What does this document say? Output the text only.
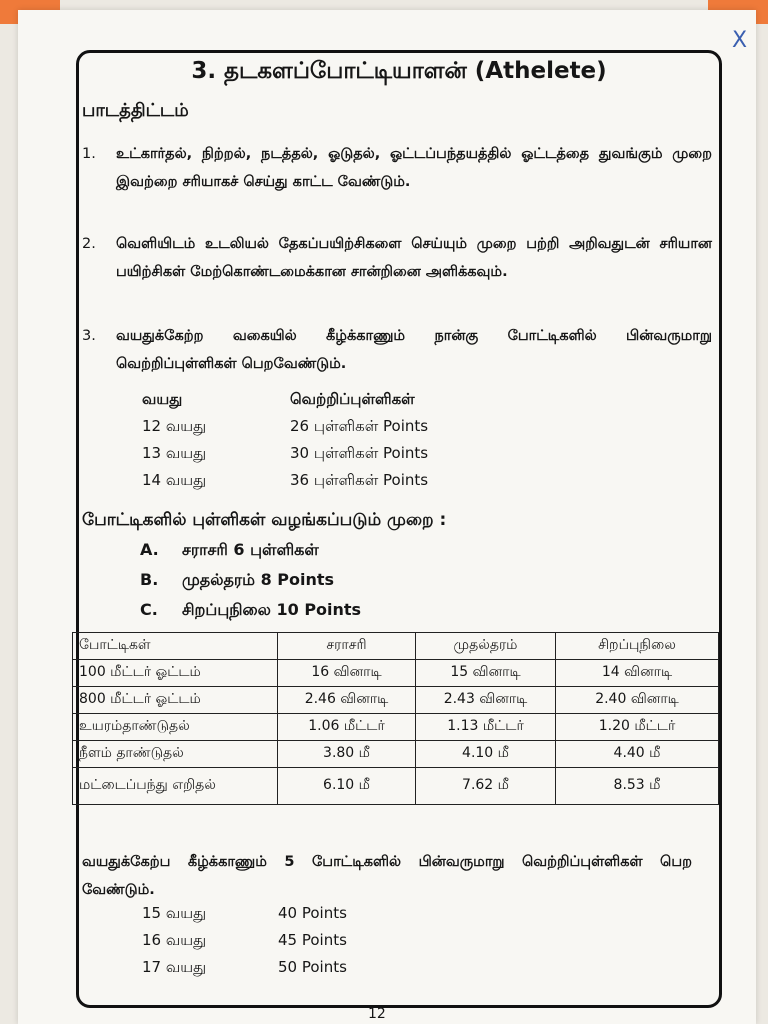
X
3. தடகளப்போட்டியாளன் (Athelete)
பாடத்திட்டம்
1.	உட்கார்தல், நிற்றல், நடத்தல், ஓடுதல், ஓட்டப்பந்தயத்தில் ஓட்டத்தை துவங்கும் முறை இவற்றை சரியாகச் செய்து காட்ட வேண்டும்.
2.	வெளியிடம் உடலியல் தேகப்பயிற்சிகளை செய்யும் முறை பற்றி அறிவதுடன் சரியான பயிற்சிகள் மேற்கொண்டமைக்கான சான்றினை அளிக்கவும்.
3.	வயதுக்கேற்ற வகையில் கீழ்க்காணும் நான்கு போட்டிகளில் பின்வருமாறு வெற்றிப்புள்ளிகள் பெறவேண்டும்.
வயது	வெற்றிப்புள்ளிகள்
12 வயது	26 புள்ளிகள் Points
13 வயது	30 புள்ளிகள் Points
14 வயது	36 புள்ளிகள் Points
போட்டிகளில் புள்ளிகள் வழங்கப்படும் முறை :
A.	சராசரி 6 புள்ளிகள்
B.	முதல்தரம் 8 Points
C.	சிறப்புநிலை 10 Points
போட்டிகள்	சராசரி	முதல்தரம்	சிறப்புநிலை
100 மீட்டர் ஓட்டம்	16 வினாடி	15 வினாடி	14 வினாடி
800 மீட்டர் ஓட்டம்	2.46 வினாடி	2.43 வினாடி	2.40 வினாடி
உயரம்தாண்டுதல்	1.06 மீட்டர்	1.13 மீட்டர்	1.20 மீட்டர்
நீளம் தாண்டுதல்	3.80 மீ	4.10 மீ	4.40 மீ
மட்டைப்பந்து எறிதல்	6.10 மீ	7.62 மீ	8.53 மீ
வயதுக்கேற்ப கீழ்க்காணும் 5 போட்டிகளில் பின்வருமாறு வெற்றிப்புள்ளிகள் பெற வேண்டும்.
15 வயது	40 Points
16 வயது	45 Points
17 வயது	50 Points
12
